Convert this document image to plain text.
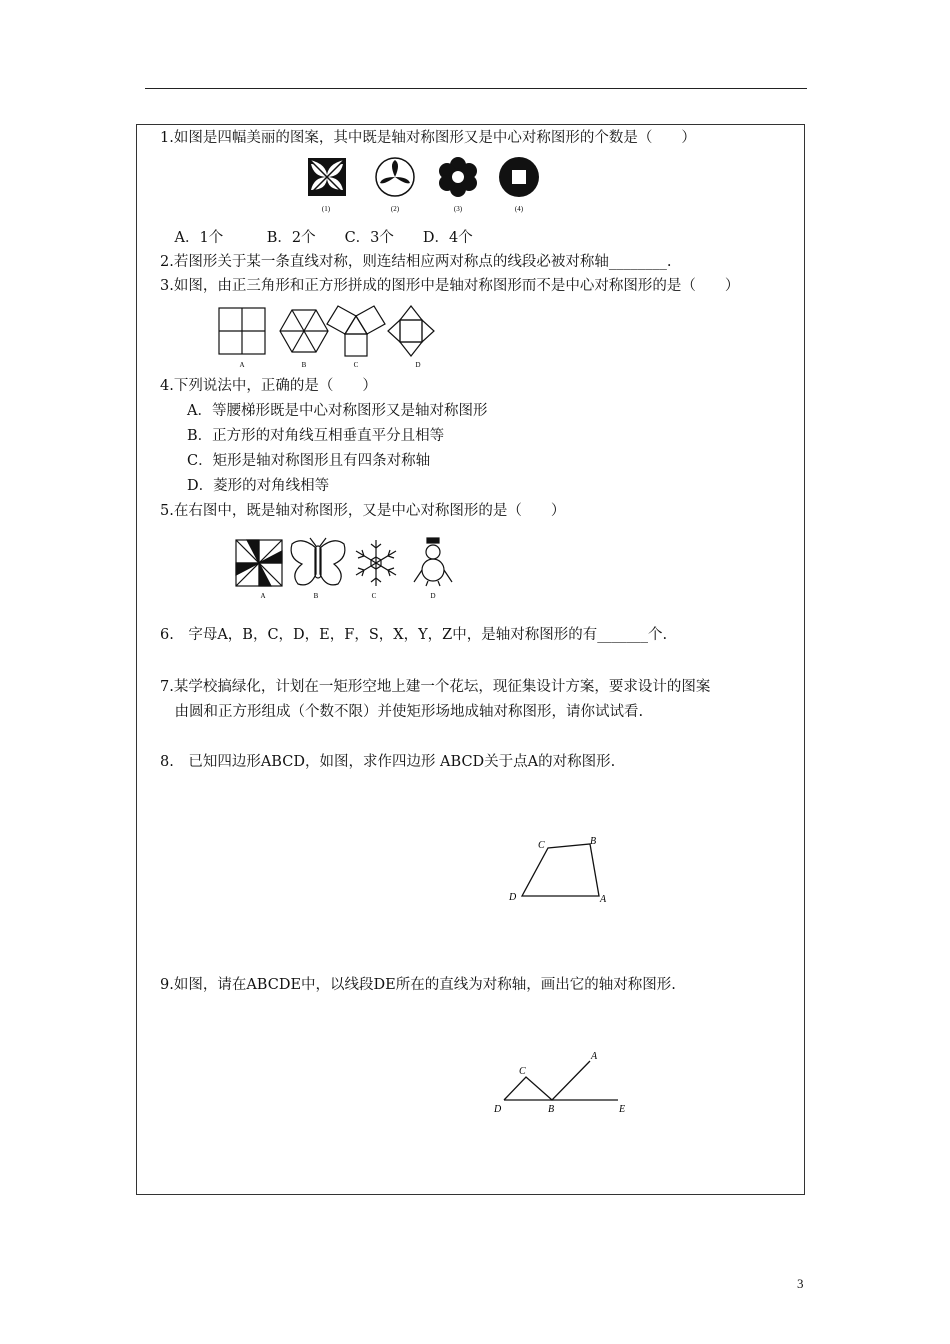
1.如图是四幅美丽的图案，其中既是轴对称图形又是中心对称图形的个数是（　　）
(1)	(2)	(3)	(4)
　A．1个　　　B．2个　　C．3个　　D．4个
2.若图形关于某一条直线对称，则连结相应两对称点的线段必被对称轴________.
3.如图，由正三角形和正方形拼成的图形中是轴对称图形而不是中心对称图形的是（　　）
A	B	C	D
4.下列说法中，正确的是（　　）
A．等腰梯形既是中心对称图形又是轴对称图形
B．正方形的对角线互相垂直平分且相等
C．矩形是轴对称图形且有四条对称轴
D．菱形的对角线相等
5.在右图中，既是轴对称图形，又是中心对称图形的是（　　）
A	B	C	D
6.　字母A，B，C，D，E，F，S，X，Y，Z中，是轴对称图形的有_______个.
7.某学校搞绿化，计划在一矩形空地上建一个花坛，现征集设计方案，要求设计的图案
　由圆和正方形组成（个数不限）并使矩形场地成轴对称图形，请你试试看.
8.　已知四边形ABCD，如图，求作四边形 ABCD关于点A的对称图形.
C	B
D	A
9.如图，请在ABCDE中，以线段DE所在的直线为对称轴，画出它的轴对称图形.
C
A
D	B	E
3
